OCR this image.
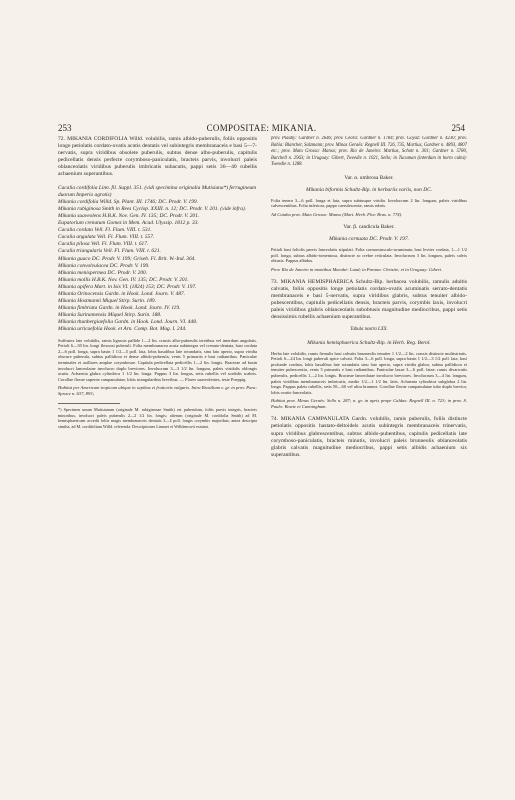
253	COMPOSITAE: MIKANIA.	254

72. MIKANIA CORDIFOLIA Willd. volubilis, ramis albido-puberulis, foliis oppositis longe petiolatis cordato-ovatis acutis dentatis vel subintegris membranaceis e basi 5—7-nervatis, supra viridibus obsolete puberulis, subtus dense albo-puberulis, capitulis pedicellatis densis perfecte corymboso-paniculatis, bracteis parvis, involucri paleis oblanceolatis viridibus puberulis imbricatis subacutis, pappi setis 36—40 rubellis achaenium superantibus.

Cacalia cordifolia Linn. fil. Suppl. 351. (vidi specimina originalia Mutisiana*) ferrugineum duorum Imperio agrotis)

Mikania cordifolia Willd. Sp. Plant. III. 1746; DC. Prodr. V. 199.

Mikania rubiginosa Smith in Rees Cyclop. XXIII. n. 12; DC. Prodr. V. 201. (vide infra).

Mikania suaveolens H.B.K. Nov. Gen. IV. 135; DC. Prodr. V. 201.

Eupatorium crenatum Gomez in Mem. Acad. Ulyssip. 1812 p. 33.

Cacalia cordata Vell. Fl. Flum. VIII. t. 531.

Cacalia angulata Vell. Fl. Flum. VIII. t. 557.

Cacalia pilosa Vell. Fl. Flum. VIII. t. 617.

Cacalia triangularis Vell. Fl. Flum. VIII. t. 621.

Mikania guaco DC. Prodr. V. 199; Griseb. Fl. Brit. W.-Ind. 364.

Mikania convolvulacea DC. Prodr. V. 199.

Mikania menispermea DC. Prodr. V. 200.

Mikania mollis H.B.K. Nov. Gen. IV. 135; DC. Prodr. V. 201.

Mikania apifera Mart. in Isis VI. (1824) 153; DC. Prodr. V. 197.

Mikania Orinocensis Gardn. in Hook. Lond. Journ. V. 487.

Mikania Hostmanni Miquel Stirp. Surin. 189.

Mikania fimbriata Gardn. in Hook. Lond. Journ. IV. 119.

Mikania Surinamensis Miquel Stirp. Surin. 188.

Mikania thunbergiaefolia Gardn. in Hook. Lond. Journ. VI. 448.

Mikania urticaefolia Hook. et Arn. Comp. Bot. Mag. I. 244.

Suffrutex late volubilis, ramis lignosis pallide 1—2 lin. crassis albo-puberulis teretibus vel interdum angulatis. Petioli 6—30 lin. longi flexuosi puberuli. Folia membranacea acuta subintegra vel crenato-dentata, basi cordata 2—6 poll. longa, supra basin 1 1/2—5 poll. lata, lobis basalibus late rotundatis, sinu lato aperto, supra viridia obscure puberula, subtus pallidiora et dense albido-puberula, venis 5 primariis e basi radiantibus. Paniculae terminales et axillares amplae corymbosae. Capitula pedicellata pedicellis 1—2 lin. longis. Bracteae ad basin involucri lanceolatae involucro duplo breviores. Involucrum 3—3 1/2 lin. longum, paleis viridulis oblongis acutis. Achaenia glabra cylindrica 1 1/2 lin. longa. Pappus 3 lin. longus, setis rubellis vel sordidis scabris. Corollae flavae superne campanulatae, lobis triangularibus brevibus. — Flores suaveolentes, teste Poeppig.
Habitat per Americam tropicam ubique in sepibus et fruticetis vulgaris. Intra Brasiliam v. gr. in prov. Para: Spruce n. 637, 893;
*) Specimen unum Mutisianum (originale M. rubiginosae Smith) est puberulum, foliis parvis integris, bracteis minoribus, involucri paleis puberulis 2—2 1/2 lin. longis; alterum (originale M. cordifolia Smith) ad M. hemisphaericam accedit foliis magis membranaceis dentatis 3—4 poll. longis corymbis majoribus; antea descripta similia, ad M. cordifoliam Willd. referenda. Descriptiones Linnaei et Willdenowii exstant.

prov. Piauhy: Gardner n. 2646; prov. Ceara: Gardner n. 1784; prov. Goyaz: Gardner n. 4230; prov. Bahia: Blanchet, Salzmann; prov. Minas Geraës: Regnell III. 726, 735, Martius, Gardner n. 4893, 4807 etc.; prov. Mato Grosso: Manso; prov. Rio de Janeiro: Martius, Schott n. 301; Gardner n. 5780, Burchell n. 2963; in Uruguay: Gibert, Tweedie n. 1021, Sello; in Tucuman (interdum in horto culta): Tweedie n. 1288.

Var. α. umbrosa Baker.

Mikania biformis Schultz-Bip. in herbariis variis, non DC.

Folia tenera 3—6 poll. longa et lata, supra subtusque viridia. Involucrum 2 lin. longum, paleis viridibus calvescentibus. Folia inferiora, pappo caerulescente, ramis rubris.
Ad Cuiaba prov. Mato Grosso: Manso (Mart. Herb. Flor. Bras. n. 774).

Var. β. candicula Baker.

Mikania cornuata DC. Prodr. V. 197.

Petioli basi foliolis parvis lanceolatis stipulati. Folia cornuosiusculo-acuminata, basi leviter cordata, 1—1 1/2 poll. longa, subtus albido-tomentosa, distincte ac crebre reticulata. Involucrum 3 lin. longum, paleis calvis obtusis. Pappus albidus.
Prov. Rio de Janeiro in montibus Macahé: Lund; in Parana: Christie; et in Uruguay: Gibert.

73. MIKANIA HEMISPHAERICA Schultz-Bip. herbacea volubilis, ramulis adultis calvatis, foliis oppositis longe petiolatis cordato-ovatis acuminatis serrato-dentatis membranaceis e basi 5-nervatis, supra viridibus glabris, subtus tenuiter albido-pubescentibus, capitulis pedicellatis densis, bracteis parvis, corymbis laxis, involucri paleis viridibus glabris oblanceolatis subobtusis magnitudine mediocribus, pappi setis densissimis rubellis achaenium superantibus.

Tabula nostra LXX.

Mikania hemisphaerica Schultz-Bip. in Herb. Reg. Berol.

Herba late volubilis, ramis firmulis basi calvatis brunneolis tenuiter 1 1/2—2 lin. crassis distincte multistriatis. Petioli 6—24 lin. longi puberuli apice calvati. Folia 3—6 poll. longa, supra basin 1 1/2—3 1/2 poll. lata, basi profunde cordata, lobis basalibus late rotundatis sinu lato aperto, supra viridia glabra, subtus pallidiora et tenuiter pubescentia, venis 5 primariis e basi radiantibus. Paniculae laxae 3—6 poll. latae, ramis divaricatis puberulis, pedicellis 1—2 lin. longis. Bracteae lanceolatae involucro breviores. Involucrum 3—4 lin. longum, paleis viridibus membranaceis imbricatis, medio 1/2—1 1/2 lin. latis. Achaenia cylindrica subglabra 2 lin. longa. Pappus paleis rubellis, setis 50—60 vel ultra brunnea. Corollae flavae campanulatae tubo duplo brevior, lobis ovatis-lanceolatis.
Habitat prov. Minas Geraës: Sello n. 287; n. gr. in apris prope Caldas: Regnell III. n. 723; in prov. S. Paulo: Bowie et Cunningham.

74. MIKANIA CAMPANULATA Gardn. volubilis, ramis puberulis, foliis distincte petiolatis oppositis hastato-deltoideis acutis subintegris membranaceis trinervatis, supra viridibus glabrescentibus, subtus albido-pubentibus, capitulis pedicellatis late corymboso-paniculatis, bracteis minutis, involucri paleis brunneolis oblanceolatis glabris calvatis magnitudine mediocribus, pappi setis albidis achaenium six superantibus.
